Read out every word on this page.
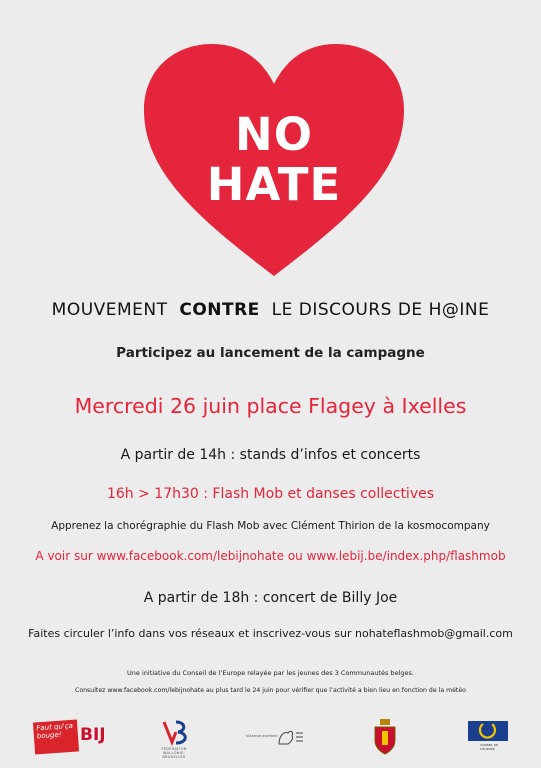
NO
HATE
MOUVEMENT CONTRE LE DISCOURS DE H@INE
Participez au lancement de la campagne
Mercredi 26 juin place Flagey à Ixelles
A partir de 14h : stands d’infos et concerts
16h > 17h30 : Flash Mob et danses collectives
Apprenez la chorégraphie du Flash Mob avec Clément Thirion de la kosmocompany
A voir sur www.facebook.com/lebijnohate ou www.lebij.be/index.php/flashmob
A partir de 18h : concert de Billy Joe
Faites circuler l’info dans vos réseaux et inscrivez-vous sur nohateflashmob@gmail.com
Une initiative du Conseil de l’Europe relayée par les jeunes des 3 Communautés belges.
Consultez www.facebook.com/lebijnohate au plus tard le 24 juin pour vérifier que l’activité a bien lieu en fonction de la météo
Faut qu'ça bouge!	BIJ
FÉDÉRATION WALLONIE-BRUXELLES
Vlaamse overheid
CONSEIL DE L'EUROPE
